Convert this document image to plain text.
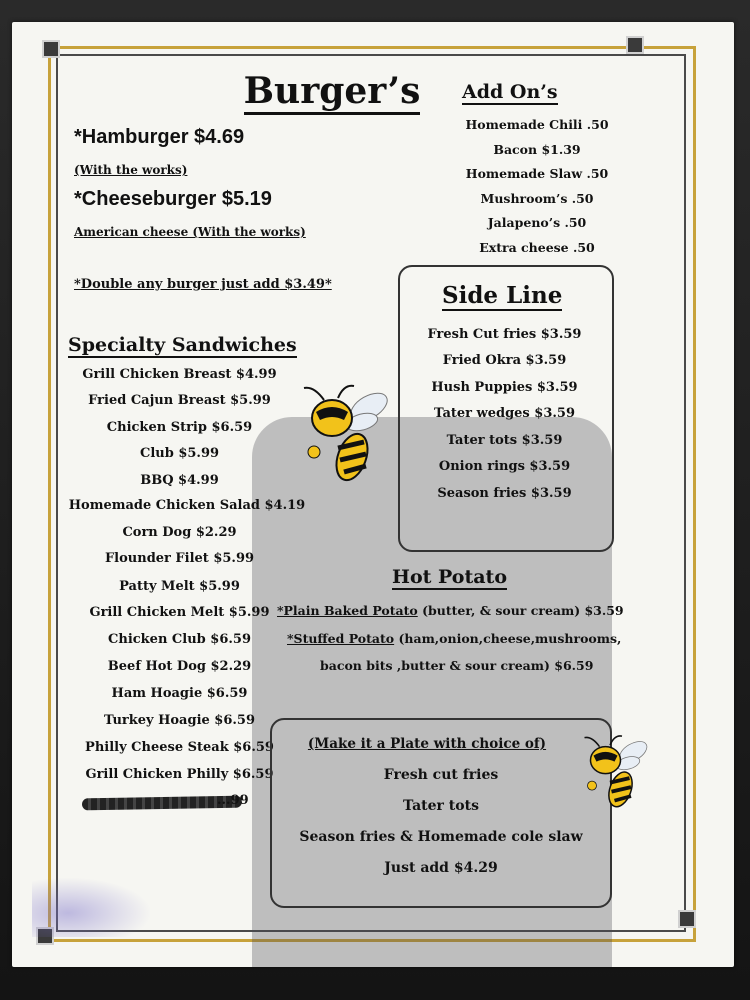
Burger’s
*Hamburger $4.69
(With the works)
*Cheeseburger $5.19
American cheese (With the works)
*Double any burger just add $3.49*
Add On’s
Homemade Chili .50
Bacon $1.39
Homemade Slaw .50
Mushroom’s .50
Jalapeno’s .50
Extra cheese .50
Side Line
Fresh Cut fries $3.59
Fried Okra $3.59
Hush Puppies $3.59
Tater wedges $3.59
Tater tots $3.59
Onion rings $3.59
Season fries $3.59
Specialty Sandwiches
Grill Chicken Breast $4.99
Fried Cajun Breast $5.99
Chicken Strip $6.59
Club $5.99
BBQ $4.99
Homemade Chicken Salad $4.19
Corn Dog $2.29
Flounder Filet $5.99
Patty Melt $5.99
Grill Chicken Melt $5.99
Chicken Club $6.59
Beef Hot Dog $2.29
Ham Hoagie $6.59
Turkey Hoagie $6.59
Philly Cheese Steak $6.59
Grill Chicken Philly $6.59
...99
Hot Potato
*Plain Baked Potato (butter, & sour cream) $3.59
*Stuffed Potato (ham,onion,cheese,mushrooms,
bacon bits ,butter & sour cream) $6.59
(Make it a Plate with choice of)
Fresh cut fries
Tater tots
Season fries & Homemade cole slaw
Just add $4.29
